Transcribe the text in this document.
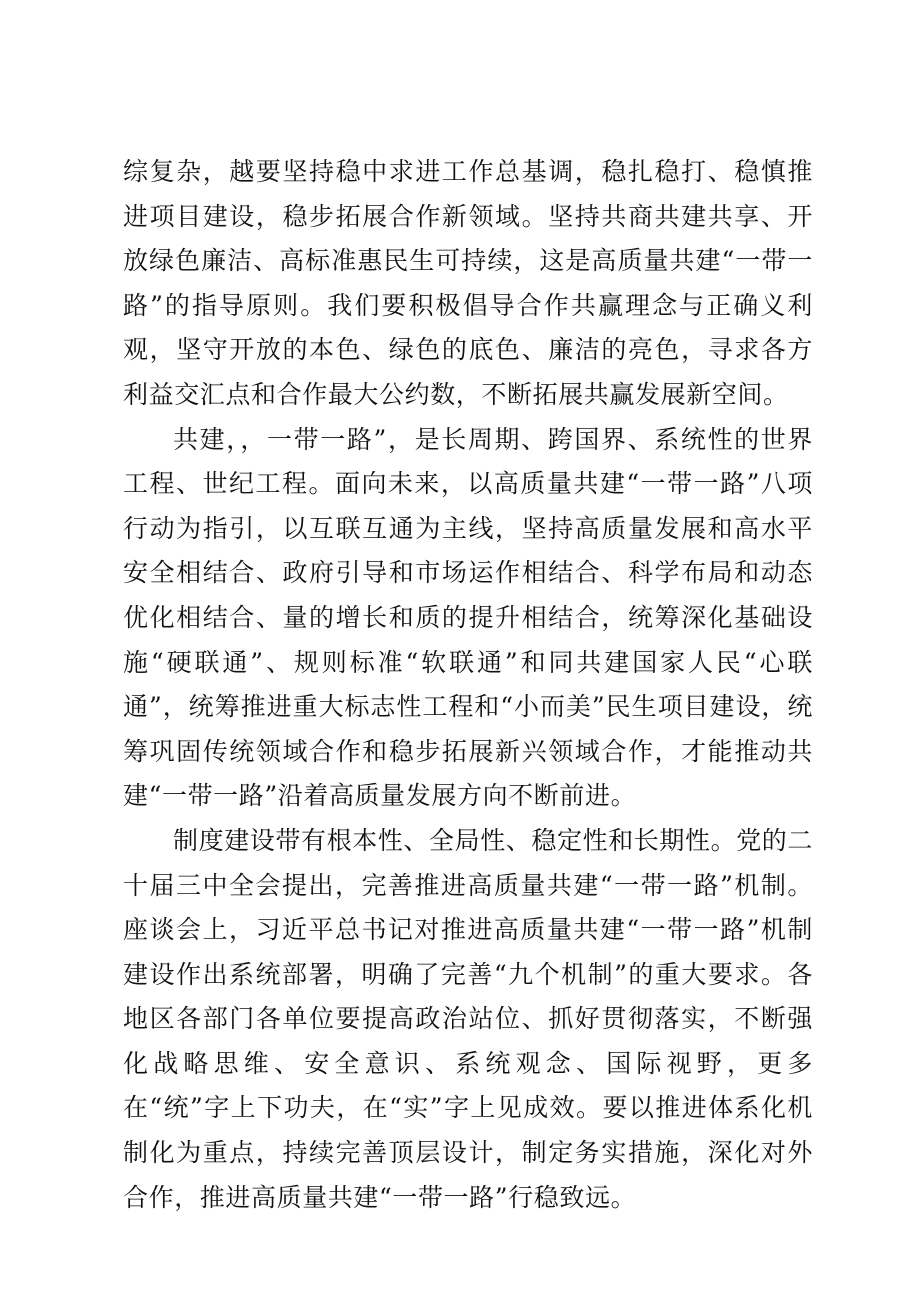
综复杂，越要坚持稳中求进工作总基调，稳扎稳打、稳慎推进项目建设，稳步拓展合作新领域。坚持共商共建共享、开放绿色廉洁、高标准惠民生可持续，这是高质量共建“一带一路”的指导原则。我们要积极倡导合作共赢理念与正确义利观，坚守开放的本色、绿色的底色、廉洁的亮色，寻求各方利益交汇点和合作最大公约数，不断拓展共赢发展新空间。

共建，，一带一路”，是长周期、跨国界、系统性的世界工程、世纪工程。面向未来，以高质量共建“一带一路”八项行动为指引，以互联互通为主线，坚持高质量发展和高水平安全相结合、政府引导和市场运作相结合、科学布局和动态优化相结合、量的增长和质的提升相结合，统筹深化基础设施“硬联通”、规则标准“软联通”和同共建国家人民“心联通”，统筹推进重大标志性工程和“小而美”民生项目建设，统筹巩固传统领域合作和稳步拓展新兴领域合作，才能推动共建“一带一路”沿着高质量发展方向不断前进。

制度建设带有根本性、全局性、稳定性和长期性。党的二十届三中全会提出，完善推进高质量共建“一带一路”机制。座谈会上，习近平总书记对推进高质量共建“一带一路”机制建设作出系统部署，明确了完善“九个机制”的重大要求。各地区各部门各单位要提高政治站位、抓好贯彻落实，不断强化战略思维、安全意识、系统观念、国际视野，更多在“统”字上下功夫，在“实”字上见成效。要以推进体系化机制化为重点，持续完善顶层设计，制定务实措施，深化对外合作，推进高质量共建“一带一路”行稳致远。
